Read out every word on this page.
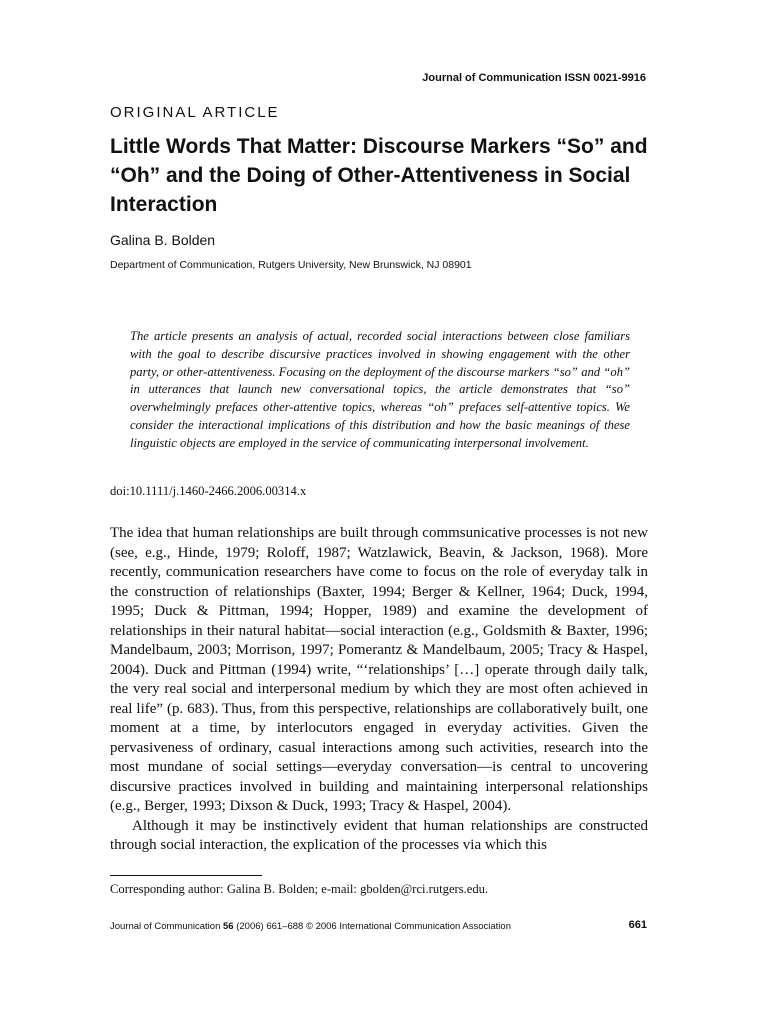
Journal of Communication ISSN 0021-9916
ORIGINAL ARTICLE
Little Words That Matter: Discourse Markers “So” and “Oh” and the Doing of Other-Attentiveness in Social Interaction
Galina B. Bolden
Department of Communication, Rutgers University, New Brunswick, NJ 08901

The article presents an analysis of actual, recorded social interactions between close familiars with the goal to describe discursive practices involved in showing engagement with the other party, or other-attentiveness. Focusing on the deployment of the discourse markers “so” and “oh” in utterances that launch new conversational topics, the article demonstrates that “so” overwhelmingly prefaces other-attentive topics, whereas “oh” prefaces self-attentive topics. We consider the interactional implications of this distribution and how the basic meanings of these linguistic objects are employed in the service of communicating interpersonal involvement.

doi:10.1111/j.1460-2466.2006.00314.x

The idea that human relationships are built through commsunicative processes is not new (see, e.g., Hinde, 1979; Roloff, 1987; Watzlawick, Beavin, & Jackson, 1968). More recently, communication researchers have come to focus on the role of everyday talk in the construction of relationships (Baxter, 1994; Berger & Kellner, 1964; Duck, 1994, 1995; Duck & Pittman, 1994; Hopper, 1989) and examine the development of relationships in their natural habitat—social interaction (e.g., Goldsmith & Baxter, 1996; Mandelbaum, 2003; Morrison, 1997; Pomerantz & Mandelbaum, 2005; Tracy & Haspel, 2004). Duck and Pittman (1994) write, “‘relationships’ […] operate through daily talk, the very real social and interpersonal medium by which they are most often achieved in real life” (p. 683). Thus, from this perspective, relationships are collaboratively built, one moment at a time, by interlocutors engaged in everyday activities. Given the pervasiveness of ordinary, casual interactions among such activities, research into the most mundane of social settings—everyday conversation—is central to uncovering discursive practices involved in building and maintaining interpersonal relationships (e.g., Berger, 1993; Dixson & Duck, 1993; Tracy & Haspel, 2004).

Although it may be instinctively evident that human relationships are constructed through social interaction, the explication of the processes via which this

Corresponding author: Galina B. Bolden; e-mail: gbolden@rci.rutgers.edu.
Journal of Communication 56 (2006) 661–688 © 2006 International Communication Association	661
